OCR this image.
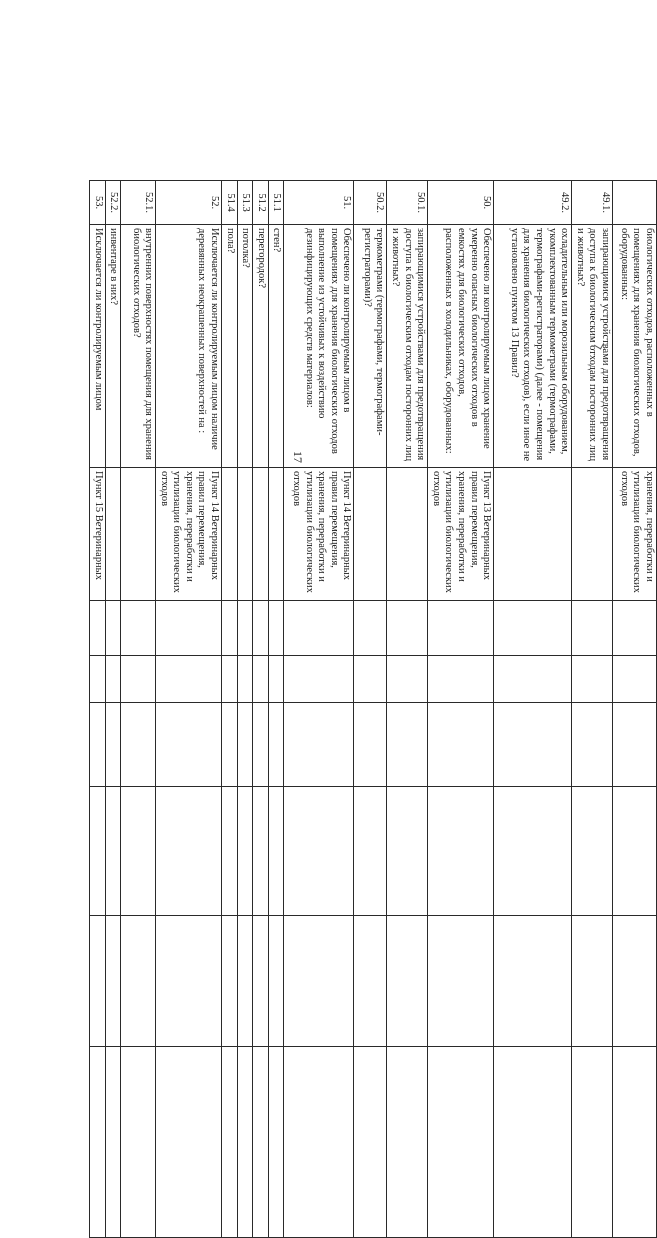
17
	биологических отходов, расположенных в помещениях для хранения биологических отходов, оборудованных:	хранения, переработки и утилизации биологических отходов						
49.1.	запирающимися устройствами для предотвращения доступа к биологическим отходам посторонних лиц и животных?							
49.2.	охладительным или морозильным оборудованием, укомплектованным термометрами (термографами, термографами-регистраторами) (далее - помещения для хранения биологических отходов), если иное не установлено пунктом 13 Правил?							
50.	Обеспечено ли контролируемым лицом хранение умеренно опасных биологических отходов в емкостях для биологических отходов, расположенных в холодильниках, оборудованных:	Пункт 13 Ветеринарных правил перемещения, хранения, переработки и утилизации биологических отходов						
50.1.	запирающимися устройствами для предотвращения доступа к биологическим отходам посторонних лиц и животных?							
50.2.	термометрами (термографами, термографами-регистраторами)?							
51.	Обеспечено ли контролируемым лицом в помещениях для хранения биологических отходов выполнение из устойчивых к воздействию дезинфицирующих средств материалов:	Пункт 14 Ветеринарных правил перемещения, хранения, переработки и утилизации биологических отходов						
51.1	стен?							
51.2	перегородок?							
51.3	потолка?							
51.4	пола?							
52.	Исключается ли контролируемым лицом наличие деревянных неокрашенных поверхностей на :	Пункт 14 Ветеринарных правил перемещения, хранения, переработки и утилизации биологических отходов						
52.1.	внутренних поверхностях помещения для хранения биологических отходов?							
52.2.	инвентаре в них?							
53.	Исключается ли контролируемым лицом	Пункт 15 Ветеринарных						
